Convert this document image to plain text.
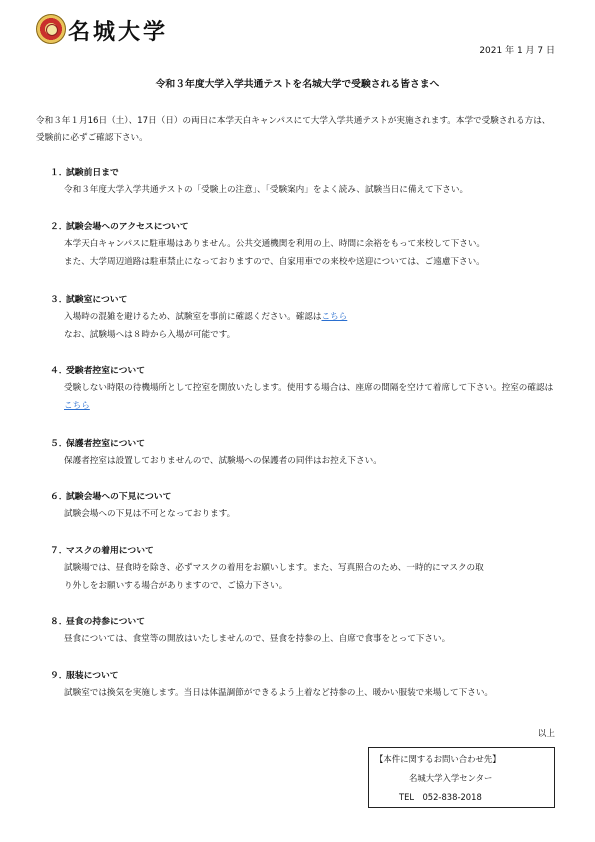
名城大学
2021 年 1 月 7 日
令和３年度大学入学共通テストを名城大学で受験される皆さまへ
令和３年１月16日（土）、17日（日）の両日に本学天白キャンパスにて大学入学共通テストが実施されます。本学で受験される方は、受験前に必ずご確認下さい。
１．試験前日まで
令和３年度大学入学共通テストの「受験上の注意」、「受験案内」をよく読み、試験当日に備えて下さい。
２．試験会場へのアクセスについて
本学天白キャンパスに駐車場はありません。公共交通機関を利用の上、時間に余裕をもって来校して下さい。
また、大学周辺道路は駐車禁止になっておりますので、自家用車での来校や送迎については、ご遠慮下さい。
３．試験室について
入場時の混雑を避けるため、試験室を事前に確認ください。確認はこちら
なお、試験場へは８時から入場が可能です。
４．受験者控室について
受験しない時限の待機場所として控室を開放いたします。使用する場合は、座席の間隔を空けて着席して下さい。控室の確認はこちら
５．保護者控室について
保護者控室は設置しておりませんので、試験場への保護者の同伴はお控え下さい。
６．試験会場への下見について
試験会場への下見は不可となっております。
７．マスクの着用について
試験場では、昼食時を除き、必ずマスクの着用をお願いします。また、写真照合のため、一時的にマスクの取
り外しをお願いする場合がありますので、ご協力下さい。
８．昼食の持参について
昼食については、食堂等の開放はいたしませんので、昼食を持参の上、自席で食事をとって下さい。
９．服装について
試験室では換気を実施します。当日は体温調節ができるよう上着など持参の上、暖かい服装で来場して下さい。
以上
【本件に関するお問い合わせ先】
名城大学入学センター
TEL　052-838-2018
